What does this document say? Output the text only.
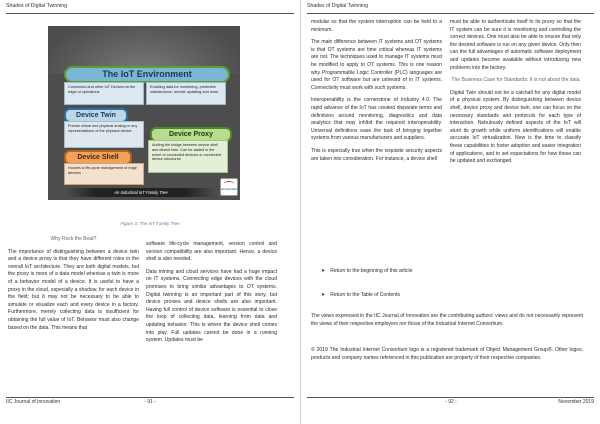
Shades of Digital Twinning
The IoT Environment
Connected and other IoT Devices at the edge of operations
Enabling data for monitoring, predictive maintenance, remote updating and more
Device Twin
Private virtual and physical analog or any representations of the physical device
Device Proxy
Adding the bridge between device shell and device twin. Can be added in the event of connected devices or connected device structures
Device Shell
Houses a life-cycle management of edge devices
An Industrial IoT Family Tree
iiconsortium
Figure 3: The IoT Family Tree

Why Rock the Boat?

The importance of distinguishing between a device twin and a device proxy is that they have different roles in the overall IoT architecture. They are both digital models, but the proxy is more of a data model whereas a twin is more of a behavior model of a device. It is useful to have a proxy in the cloud, especially a shadow, for each device in the field; but it may not be necessary to be able to simulate or visualize each and every device in a factory. Furthermore, merely collecting data is insufficient for obtaining the full value of IoT. Behavior must also change based on the data. This means that

software life-cycle management, version control and version compatibility are also important. Hence, a device shell is also needed.

Data mining and cloud services have had a huge impact on IT systems. Connecting edge devices with the cloud promises to bring similar advantages to OT systems. Digital twinning is an important part of this story, but device proxies and device shells are also important. Having full control of device software is essential to close the loop of collecting data, learning from data and updating behavior. This is where the device shell comes into play. Full updates cannot be done in a running system. Updates must be

IIC Journal of Innovation	- 91 -
Shades of Digital Twinning

modular so that the system interruption can be held to a minimum.

The main difference between IT systems and OT systems is that OT systems are time critical whereas IT systems are not. The techniques used to manage IT systems must be modified to apply to OT systems. This is one reason why Programmable Logic Controller (PLC) languages are used for OT software but are unheard of in IT systems. Connectivity must work with such systems.

Interoperability is the cornerstone of Industry 4.0. The rapid advance of the IoT has created disparate terms and definitions around monitoring, diagnostics and data analytics that may inhibit the required interoperability. Universal definitions ease the task of bringing together systems from various manufacturers and suppliers.

This is especially true when the requisite security aspects are taken into consideration. For instance, a device shell

must be able to authenticate itself to its proxy so that the IT system can be sure it is monitoring and controlling the correct devices. One must also be able to ensure that only the desired software is run on any given device. Only then can the full advantages of automatic software deployment and updates become available without introducing new problems into the factory.

The Business Case for Standards: It is not about the data

Digital Twin should not be a catchall for any digital model of a physical system. By distinguishing between device shell, device proxy and device twin, one can focus on the necessary standards and protocols for each type of interaction. Nebulously defined aspects of the IoT will stunt its growth while uniform identifications will enable accurate IoT virtualization. Now is the time to classify these capabilities to foster adoption and easier integration of applications, and to set expectations for how these can be updated and exchanged.

➤ Return to the beginning of this article
➤ Return to the Table of Contents
The views expressed in the IIC Journal of Innovation are the contributing authors' views and do not necessarily represent the views of their respective employers nor those of the Industrial Internet Consortium.
© 2019 The Industrial Internet Consortium logo is a registered trademark of Object Management Group®. Other logos, products and company names referenced in this publication are property of their respective companies.
- 92 -	November 2019
